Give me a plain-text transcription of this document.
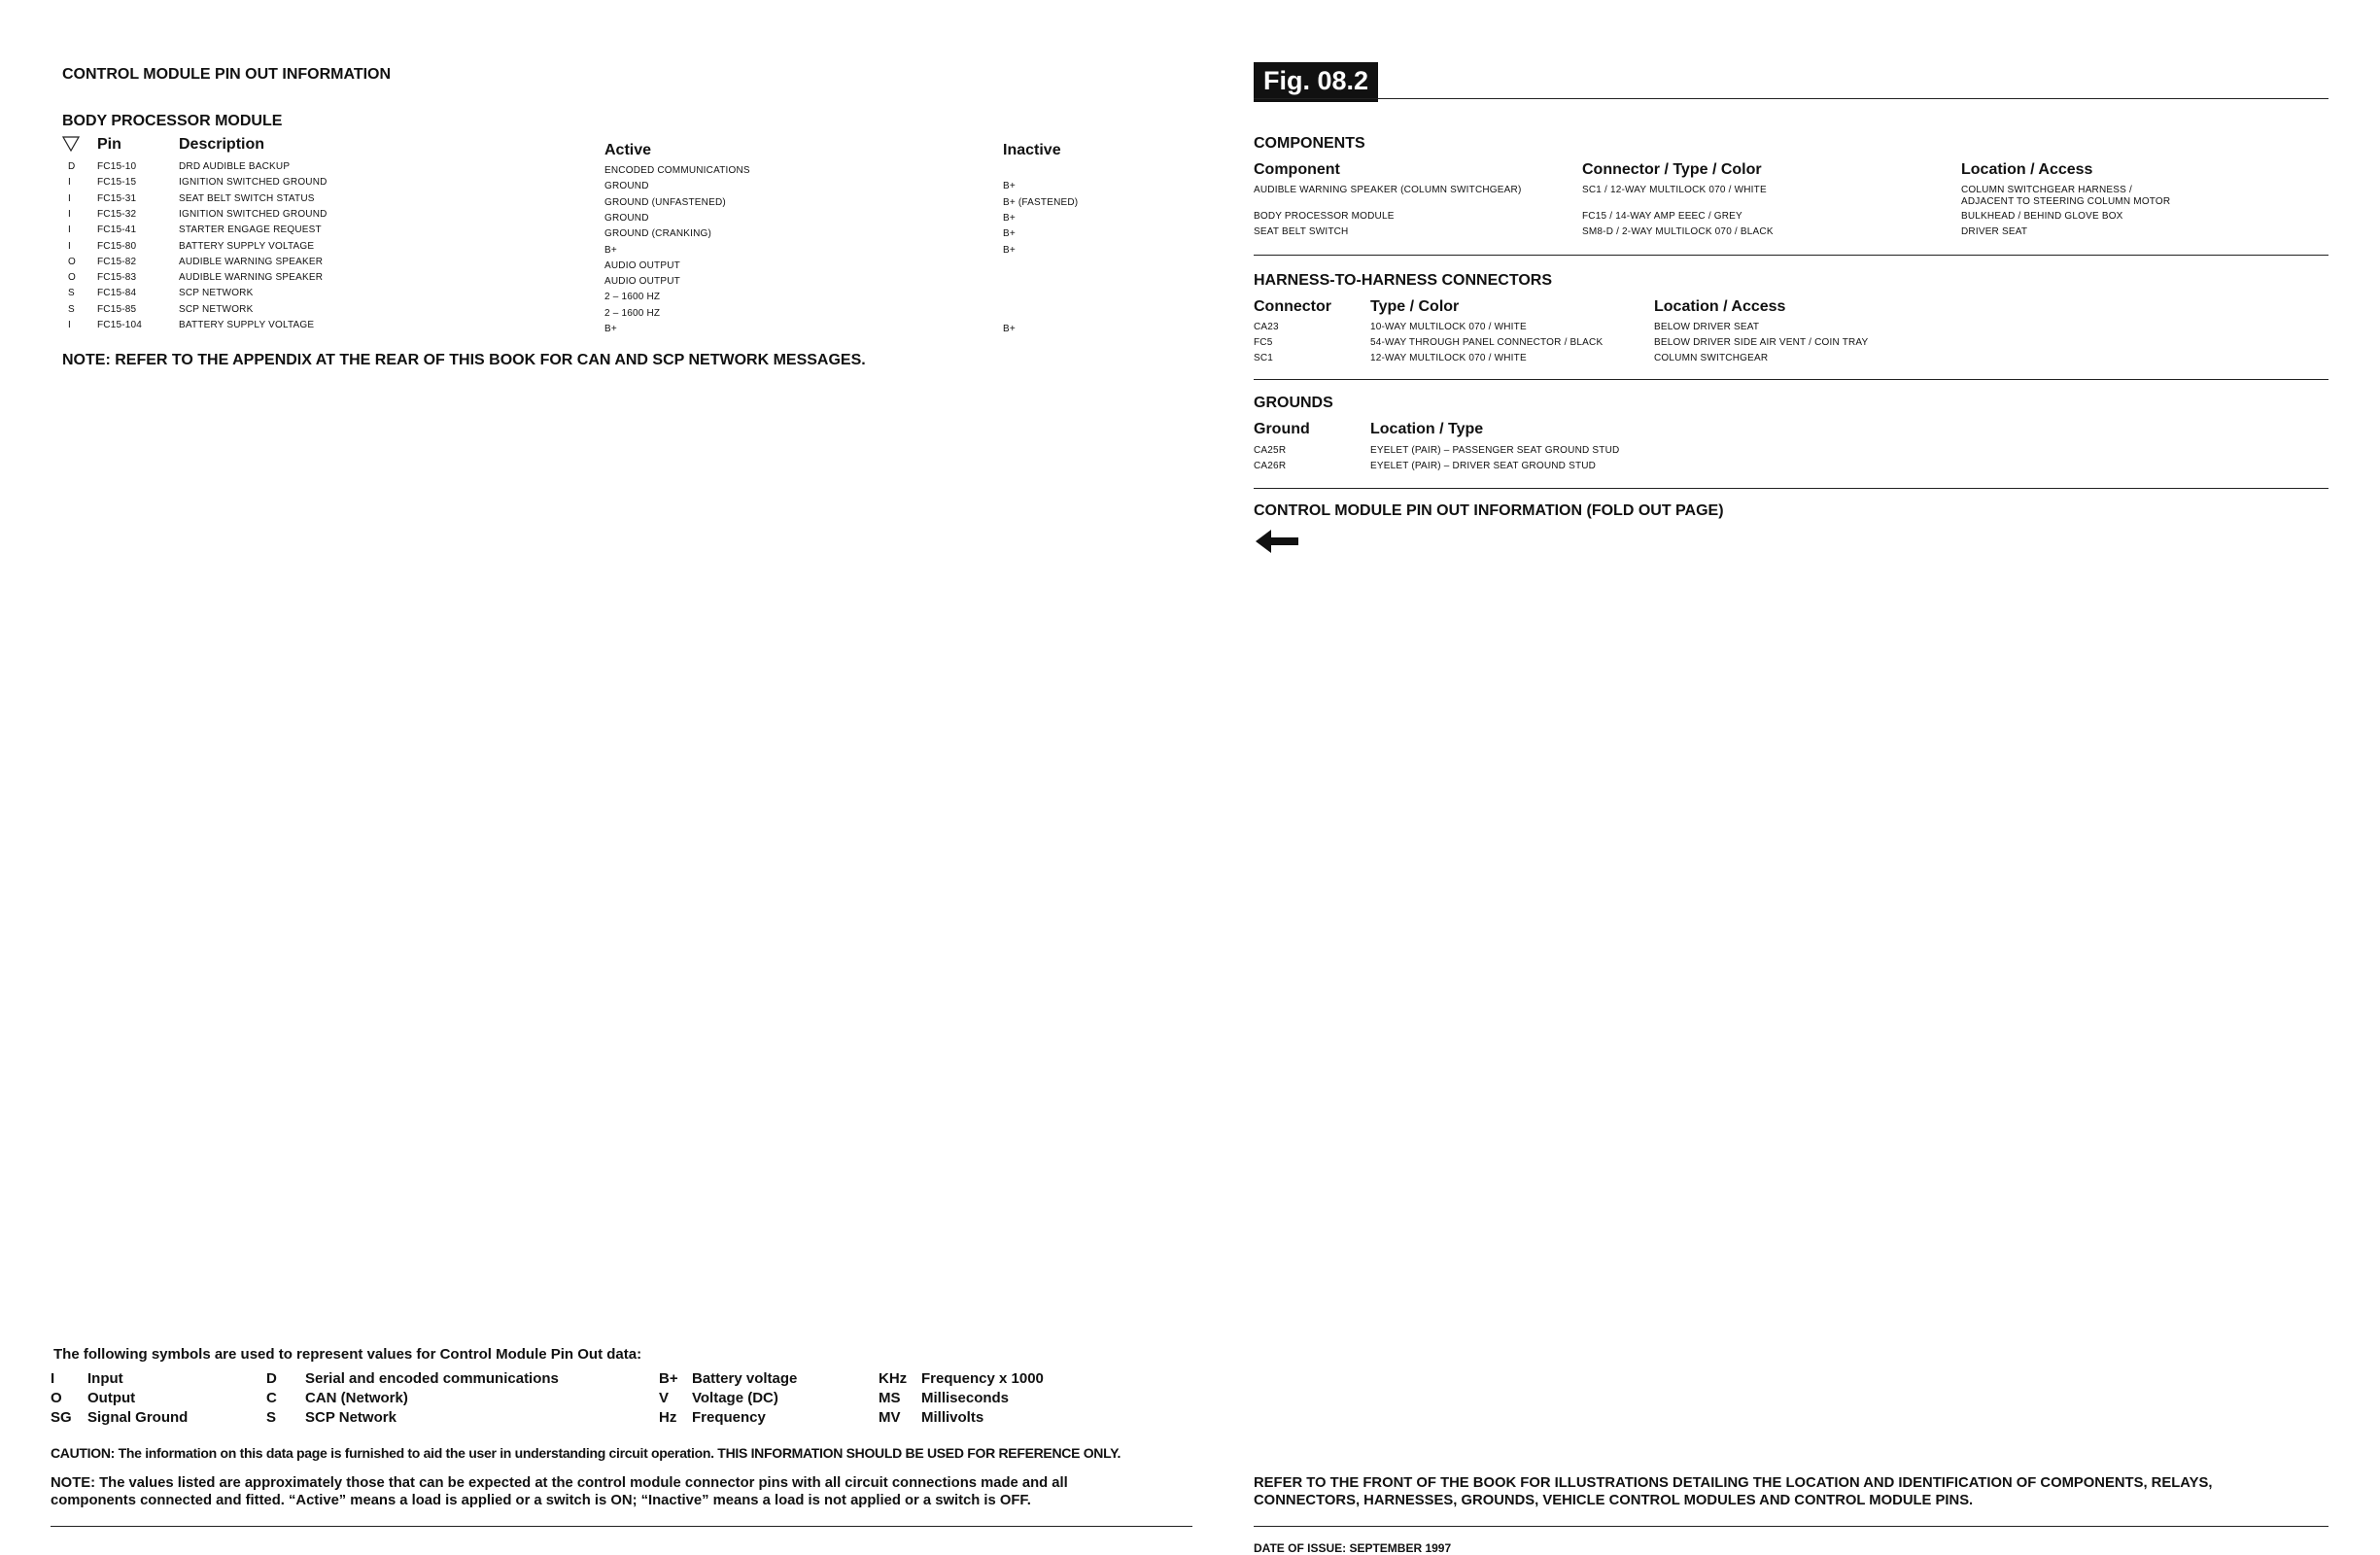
CONTROL MODULE PIN OUT INFORMATION
BODY PROCESSOR MODULE
Pin	Description	Active	Inactive
D FC15-10	DRD AUDIBLE BACKUP	ENCODED COMMUNICATIONS
I	FC15-15	IGNITION SWITCHED GROUND	GROUND	B+
I	FC15-31	SEAT BELT SWITCH STATUS	GROUND (UNFASTENED)	B+ (FASTENED)
I	FC15-32	IGNITION SWITCHED GROUND	GROUND	B+
I	FC15-41	STARTER ENGAGE REQUEST	GROUND (CRANKING)	B+
I	FC15-80	BATTERY SUPPLY VOLTAGE	B+	B+
O FC15-82	AUDIBLE WARNING SPEAKER	AUDIO OUTPUT
O FC15-83	AUDIBLE WARNING SPEAKER	AUDIO OUTPUT
S FC15-84	SCP NETWORK	2 – 1600 HZ
S FC15-85	SCP NETWORK	2 – 1600 HZ
I	FC15-104	BATTERY SUPPLY VOLTAGE	B+	B+
NOTE: REFER TO THE APPENDIX AT THE REAR OF THIS BOOK FOR CAN AND SCP NETWORK MESSAGES.
The following symbols are used to represent values for Control Module Pin Out data:
I Input
O Output
SG Signal Ground
D Serial and encoded communications
C CAN (Network)
S SCP Network
B+ Battery voltage
V Voltage (DC)
Hz Frequency
KHz Frequency x 1000
MS Milliseconds
MV Millivolts
CAUTION: The information on this data page is furnished to aid the user in understanding circuit operation. THIS INFORMATION SHOULD BE USED FOR REFERENCE ONLY.
NOTE: The values listed are approximately those that can be expected at the control module connector pins with all circuit connections made and all
components connected and fitted. “Active” means a load is applied or a switch is ON; “Inactive” means a load is not applied or a switch is OFF.
Fig. 08.2
COMPONENTS
Component	Connector / Type / Color	Location / Access
AUDIBLE WARNING SPEAKER (COLUMN SWITCHGEAR)	SC1 / 12-WAY MULTILOCK 070 / WHITE	COLUMN SWITCHGEAR HARNESS /
ADJACENT TO STEERING COLUMN MOTOR
BODY PROCESSOR MODULE	FC15 / 14-WAY AMP EEEC / GREY	BULKHEAD / BEHIND GLOVE BOX
SEAT BELT SWITCH	SM8-D / 2-WAY MULTILOCK 070 / BLACK	DRIVER SEAT
HARNESS-TO-HARNESS CONNECTORS
Connector	Type / Color	Location / Access
CA23	10-WAY MULTILOCK 070 / WHITE	BELOW DRIVER SEAT
FC5	54-WAY THROUGH PANEL CONNECTOR / BLACK	BELOW DRIVER SIDE AIR VENT / COIN TRAY
SC1	12-WAY MULTILOCK 070 / WHITE	COLUMN SWITCHGEAR
GROUNDS
Ground	Location / Type
CA25R	EYELET (PAIR) – PASSENGER SEAT GROUND STUD
CA26R	EYELET (PAIR) – DRIVER SEAT GROUND STUD
CONTROL MODULE PIN OUT INFORMATION (FOLD OUT PAGE)
REFER TO THE FRONT OF THE BOOK FOR ILLUSTRATIONS DETAILING THE LOCATION AND IDENTIFICATION OF COMPONENTS, RELAYS,
CONNECTORS, HARNESSES, GROUNDS, VEHICLE CONTROL MODULES AND CONTROL MODULE PINS.
DATE OF ISSUE: SEPTEMBER 1997
